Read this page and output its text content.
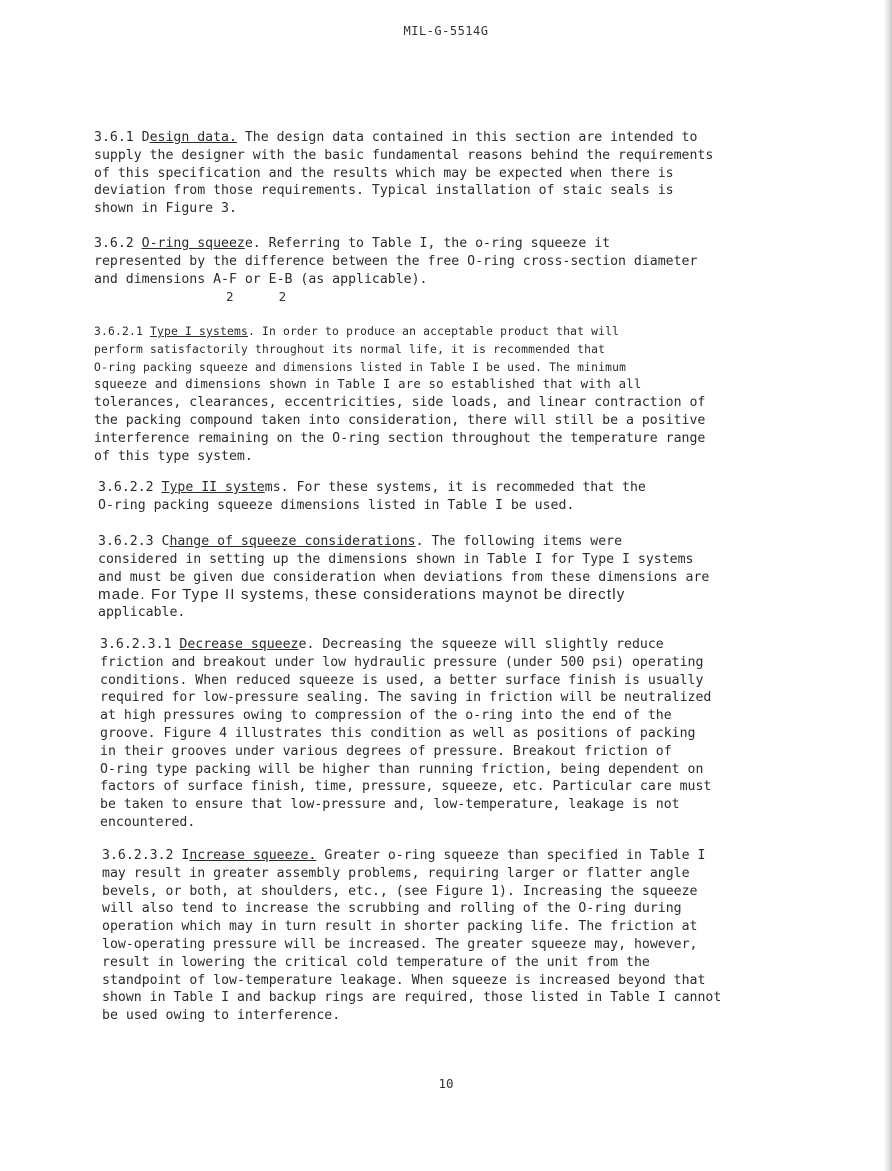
MIL-G-5514G
3.6.1 Design data. The design data contained in this section are intended to
supply the designer with the basic fundamental reasons behind the requirements
of this specification and the results which may be expected when there is
deviation from those requirements. Typical installation of staic seals is
shown in Figure 3.
3.6.2 O-ring squeeze. Referring to Table I, the o-ring squeeze it
represented by the difference between the free O-ring cross-section diameter
and dimensions A-F or E-B (as applicable).
2      2
3.6.2.1 Type I systems. In order to produce an acceptable product that will
perform satisfactorily throughout its normal life, it is recommended that
O-ring packing squeeze and dimensions listed in Table I be used. The minimum
squeeze and dimensions shown in Table I are so established that with all
tolerances, clearances, eccentricities, side loads, and linear contraction of
the packing compound taken into consideration, there will still be a positive
interference remaining on the O-ring section throughout the temperature range
of this type system.
3.6.2.2 Type II systems. For these systems, it is recommeded that the
O-ring packing squeeze dimensions listed in Table I be used.
3.6.2.3 Change of squeeze considerations. The following items were
considered in setting up the dimensions shown in Table I for Type I systems
and must be given due consideration when deviations from these dimensions are
made. For Type II systems, these considerations maynot be directly
applicable.
3.6.2.3.1 Decrease squeeze. Decreasing the squeeze will slightly reduce
friction and breakout under low hydraulic pressure (under 500 psi) operating
conditions. When reduced squeeze is used, a better surface finish is usually
required for low-pressure sealing. The saving in friction will be neutralized
at high pressures owing to compression of the o-ring into the end of the
groove. Figure 4 illustrates this condition as well as positions of packing
in their grooves under various degrees of pressure. Breakout friction of
O-ring type packing will be higher than running friction, being dependent on
factors of surface finish, time, pressure, squeeze, etc. Particular care must
be taken to ensure that low-pressure and, low-temperature, leakage is not
encountered.
3.6.2.3.2 Increase squeeze. Greater o-ring squeeze than specified in Table I
may result in greater assembly problems, requiring larger or flatter angle
bevels, or both, at shoulders, etc., (see Figure 1). Increasing the squeeze
will also tend to increase the scrubbing and rolling of the O-ring during
operation which may in turn result in shorter packing life. The friction at
low-operating pressure will be increased. The greater squeeze may, however,
result in lowering the critical cold temperature of the unit from the
standpoint of low-temperature leakage. When squeeze is increased beyond that
shown in Table I and backup rings are required, those listed in Table I cannot
be used owing to interference.
10
